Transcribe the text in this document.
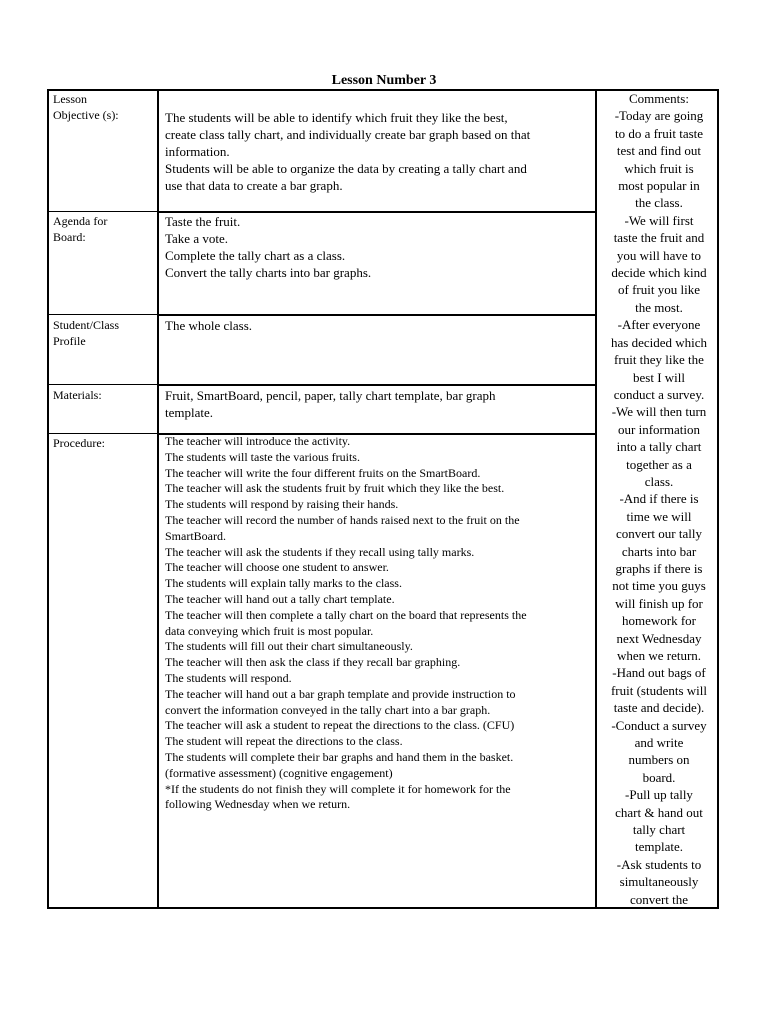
Lesson Number 3
Lesson
Objective (s):
Agenda for
Board:
Student/Class
Profile
Materials:
Procedure:
The students will be able to identify which fruit they like the best,
create class tally chart, and individually create bar graph based on that
information.
Students will be able to organize the data by creating a tally chart and
use that data to create a bar graph.
Taste the fruit.
Take a vote.
Complete the tally chart as a class.
Convert the tally charts into bar graphs.
The whole class.
Fruit, SmartBoard, pencil, paper, tally chart template, bar graph
template.
The teacher will introduce the activity.
The students will taste the various fruits.
The teacher will write the four different fruits on the SmartBoard.
The teacher will ask the students fruit by fruit which they like the best.
The students will respond by raising their hands.
The teacher will record the number of hands raised next to the fruit on the
SmartBoard.
The teacher will ask the students if they recall using tally marks.
The teacher will choose one student to answer.
The students will explain tally marks to the class.
The teacher will hand out a tally chart template.
The teacher will then complete a tally chart on the board that represents the
data conveying which fruit is most popular.
The students will fill out their chart simultaneously.
The teacher will then ask the class if they recall bar graphing.
The students will respond.
The teacher will hand out a bar graph template and provide instruction to
convert the information conveyed in the tally chart into a bar graph.
The teacher will ask a student to repeat the directions to the class. (CFU)
The student will repeat the directions to the class.
The students will complete their bar graphs and hand them in the basket.
(formative assessment) (cognitive engagement)
*If the students do not finish they will complete it for homework for the
following Wednesday when we return.
Comments:
-Today are going
to do a fruit taste
test and find out
which fruit is
most popular in
the class.
-We will first
taste the fruit and
you will have to
decide which kind
of fruit you like
the most.
-After everyone
has decided which
fruit they like the
best I will
conduct a survey.
-We will then turn
our information
into a tally chart
together as a
class.
-And if there is
time we will
convert our tally
charts into bar
graphs if there is
not time you guys
will finish up for
homework for
next Wednesday
when we return.
-Hand out bags of
fruit (students will
taste and decide).
-Conduct a survey
and write
numbers on
board.
-Pull up tally
chart & hand out
tally chart
template.
-Ask students to
simultaneously
convert the
